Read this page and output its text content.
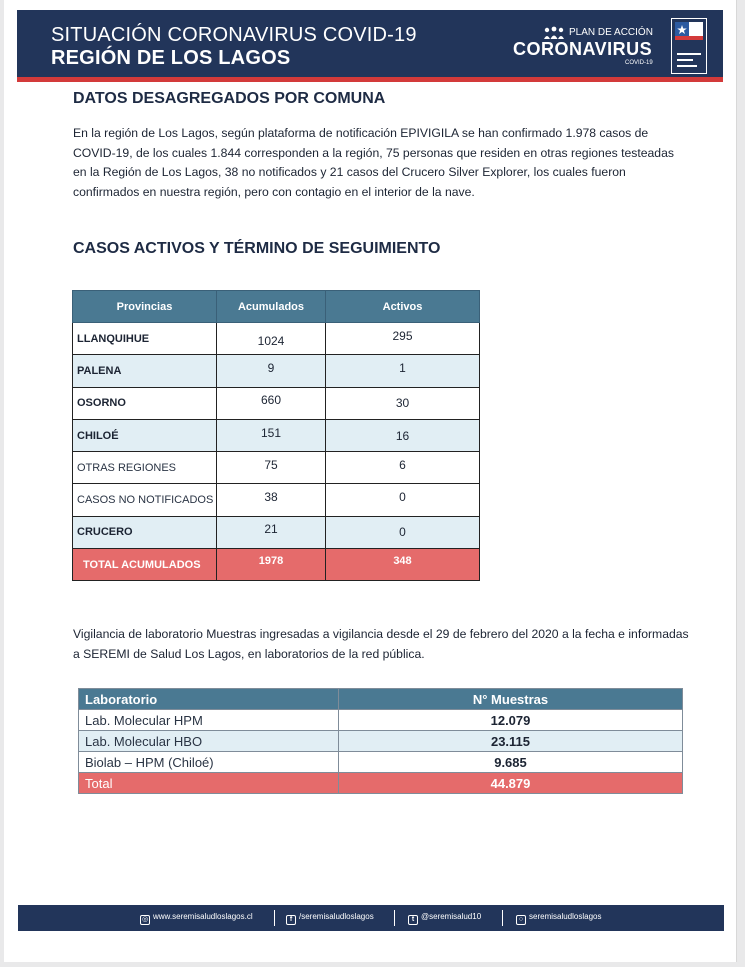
SITUACIÓN CORONAVIRUS COVID-19
REGIÓN DE LOS LAGOS
PLAN DE ACCIÓN
CORONAVIRUS
COVID-19
DATOS DESAGREGADOS POR COMUNA
En la región de Los Lagos, según plataforma de notificación EPIVIGILA se han confirmado 1.978 casos de COVID-19, de los cuales 1.844 corresponden a la región, 75 personas que residen en otras regiones testeadas en la Región de Los Lagos, 38 no notificados y 21 casos del Crucero Silver Explorer, los cuales fueron confirmados en nuestra región, pero con contagio en el interior de la nave.
CASOS ACTIVOS Y TÉRMINO DE SEGUIMIENTO
Provincias	Acumulados	Activos
LLANQUIHUE	1024	295
PALENA	9	1
OSORNO	660	30
CHILOÉ	151	16
OTRAS REGIONES	75	6
CASOS NO NOTIFICADOS	38	0
CRUCERO	21	0
TOTAL ACUMULADOS	1978	348
Vigilancia de laboratorio Muestras ingresadas a vigilancia desde el 29 de febrero del 2020 a la fecha e informadas a SEREMI de Salud Los Lagos, en laboratorios de la red pública.
Laboratorio	N° Muestras
Lab. Molecular HPM	12.079
Lab. Molecular HBO	23.115
Biolab – HPM (Chiloé)	9.685
Total	44.879
◎ www.seremisaludloslagos.cl	f /seremisaludloslagos	t @seremisalud10	○ seremisaludloslagos
